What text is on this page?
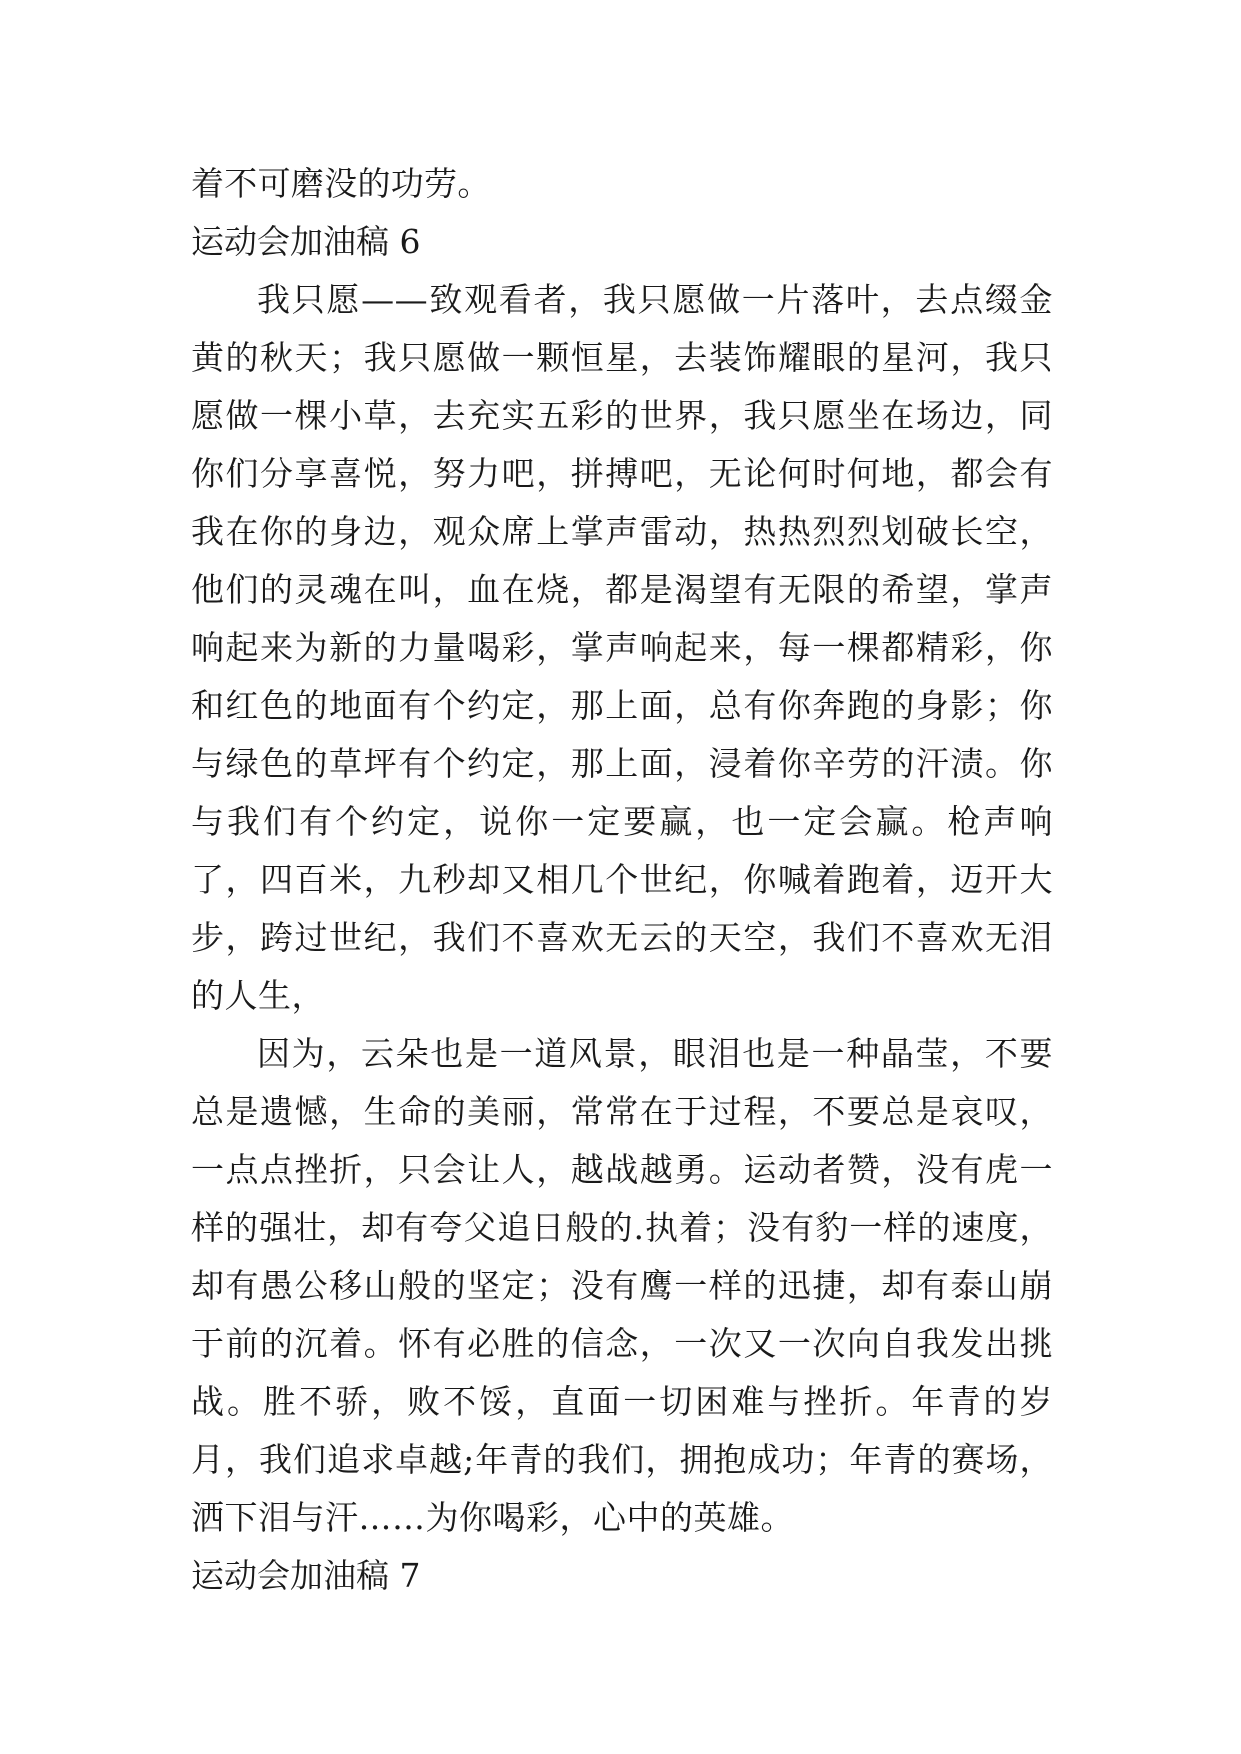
着不可磨没的功劳。
运动会加油稿 6

我只愿——致观看者，我只愿做一片落叶，去点缀金黄的秋天；我只愿做一颗恒星，去装饰耀眼的星河，我只愿做一棵小草，去充实五彩的世界，我只愿坐在场边，同你们分享喜悦，努力吧，拼搏吧，无论何时何地，都会有我在你的身边，观众席上掌声雷动，热热烈烈划破长空，他们的灵魂在叫，血在烧，都是渴望有无限的希望，掌声响起来为新的力量喝彩，掌声响起来，每一棵都精彩，你和红色的地面有个约定，那上面，总有你奔跑的身影；你与绿色的草坪有个约定，那上面，浸着你辛劳的汗渍。你与我们有个约定，说你一定要赢，也一定会赢。枪声响了，四百米，九秒却又相几个世纪，你喊着跑着，迈开大步，跨过世纪，我们不喜欢无云的天空，我们不喜欢无泪的人生，

因为，云朵也是一道风景，眼泪也是一种晶莹，不要总是遗憾，生命的美丽，常常在于过程，不要总是哀叹，一点点挫折，只会让人，越战越勇。运动者赞，没有虎一样的强壮，却有夸父追日般的.执着；没有豹一样的速度，却有愚公移山般的坚定；没有鹰一样的迅捷，却有泰山崩于前的沉着。怀有必胜的信念，一次又一次向自我发出挑战。胜不骄，败不馁，直面一切困难与挫折。年青的岁月，我们追求卓越;年青的我们，拥抱成功；年青的赛场，洒下泪与汗……为你喝彩，心中的英雄。

运动会加油稿 7
